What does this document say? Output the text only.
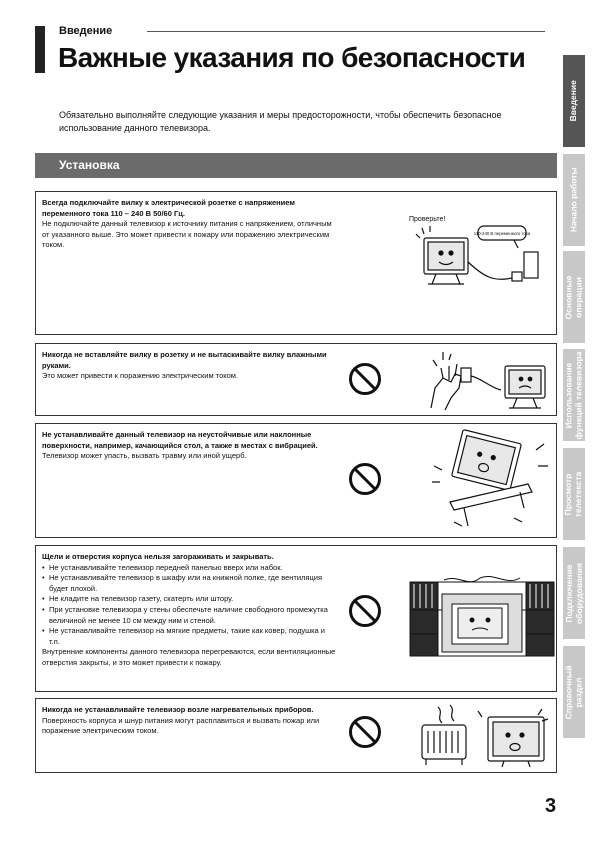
Введение
Важные указания по безопасности
Обязательно выполняйте следующие указания и меры предосторожности, чтобы обеспечить безопасное использование данного телевизора.
Установка
Всегда подключайте вилку к электрической розетке с напряжением переменного тока 110 – 240 В 50/60 Гц.
Не подключайте данный телевизор к источнику питания с напряжением, отличным от указанного выше. Это может привести к пожару или поражению электрическим током.
Проверьте!
110-240 В переменного тока
Никогда не вставляйте вилку в розетку и не вытаскивайте вилку влажными руками.
Это может привести к поражению электрическим током.
Не устанавливайте данный телевизор на неустойчивые или наклонные поверхности, например, качающийся стол, а также в местах с вибрацией.
Телевизор может упасть, вызвать травму или иной ущерб.
Щели и отверстия корпуса нельзя загораживать и закрывать.
• Не устанавливайте телевизор передней панелью вверх или набок.
• Не устанавливайте телевизор в шкафу или на книжной полке, где вентиляция будет плохой.
• Не кладите на телевизор газету, скатерть или штору.
• При установке телевизора у стены обеспечьте наличие свободного промежутка величиной не менее 10 см между ним и стеной.
• Не устанавливайте телевизор на мягкие предметы, такие как ковер, подушка и т.п.
Внутренние компоненты данного телевизора перегреваются, если вентиляционные отверстия закрыты, и это может привести к пожару.
Никогда не устанавливайте телевизор возле нагревательных приборов.
Поверхность корпуса и шнур питания могут расплавиться и вызвать пожар или поражение электрическим током.
Введение
Начало работы
Основные
операции
Использование
функций телевизора
Просмотр
телетекста
Подключение
оборудования
Справочный
раздел
3
